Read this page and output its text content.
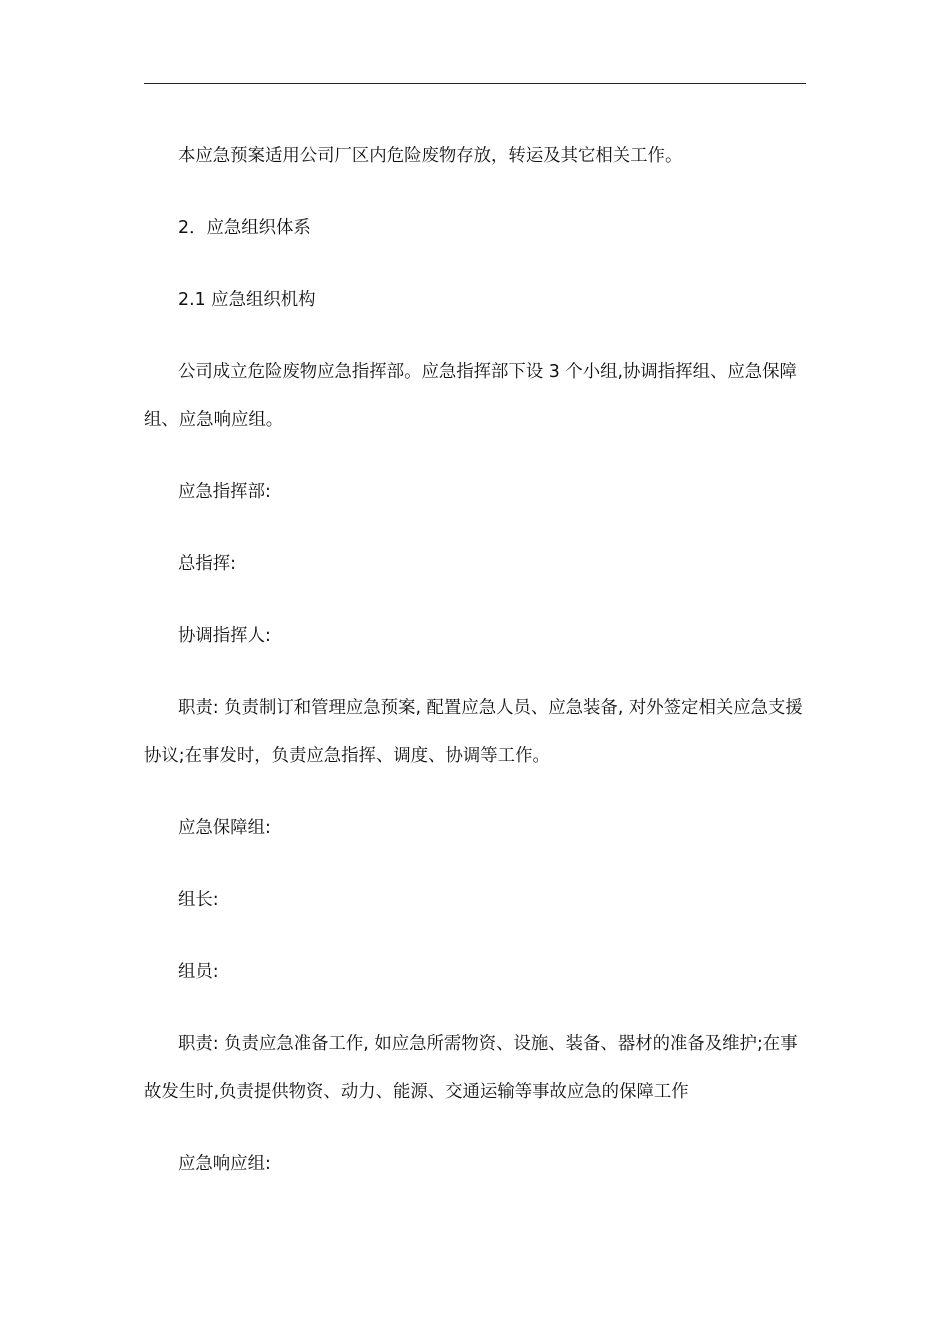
本应急预案适用公司厂区内危险废物存放，转运及其它相关工作。

2．应急组织体系

2.1 应急组织机构

公司成立危险废物应急指挥部。应急指挥部下设 3 个小组,协调指挥组、应急保障组、应急响应组。

应急指挥部:

总指挥:

协调指挥人:

职责: 负责制订和管理应急预案, 配置应急人员、应急装备, 对外签定相关应急支援协议;在事发时，负责应急指挥、调度、协调等工作。

应急保障组:

组长:

组员:

职责: 负责应急准备工作, 如应急所需物资、设施、装备、器材的准备及维护;在事故发生时,负责提供物资、动力、能源、交通运输等事故应急的保障工作

应急响应组:
